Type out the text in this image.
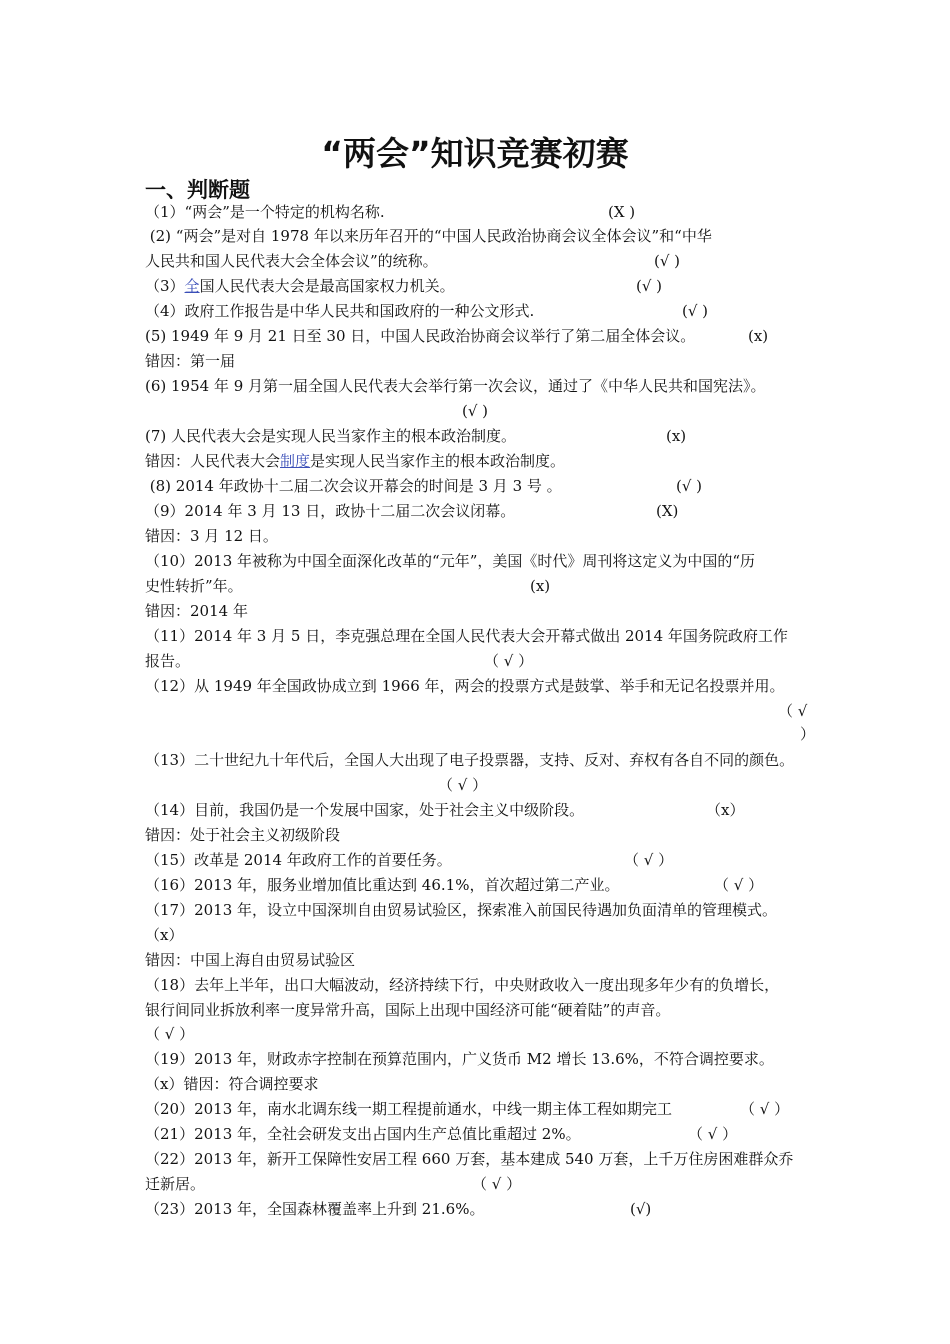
“两会”知识竞赛初赛
一、判断题
（1）“两会”是一个特定的机构名称.	(X )
(2) “两会”是对自 1978 年以来历年召开的“中国人民政治协商会议全体会议”和“中华
人民共和国人民代表大会全体会议”的统称。	(√ )
（3）全国人民代表大会是最高国家权力机关。	(√ )
（4）政府工作报告是中华人民共和国政府的一种公文形式.	(√ )
(5) 1949 年 9 月 21 日至 30 日，中国人民政治协商会议举行了第二届全体会议。	(x)
错因：第一届
(6) 1954 年 9 月第一届全国人民代表大会举行第一次会议，通过了《中华人民共和国宪法》。
(√ )
(7) 人民代表大会是实现人民当家作主的根本政治制度。	(x)
错因：人民代表大会制度是实现人民当家作主的根本政治制度。
(8) 2014 年政协十二届二次会议开幕会的时间是 3 月 3 号 。	(√ )
（9）2014 年 3 月 13 日，政协十二届二次会议闭幕。	(X)
错因：3 月 12 日。
（10）2013 年被称为中国全面深化改革的“元年”，美国《时代》周刊将这定义为中国的“历
史性转折”年。	(x)
错因：2014 年
（11）2014 年 3 月 5 日，李克强总理在全国人民代表大会开幕式做出 2014 年国务院政府工作
报告。	（ √ ）
（12）从 1949 年全国政协成立到 1966 年，两会的投票方式是鼓掌、举手和无记名投票并用。
（ √
）
（13）二十世纪九十年代后，全国人大出现了电子投票器，支持、反对、弃权有各自不同的颜色。
（ √ ）
（14）目前，我国仍是一个发展中国家，处于社会主义中级阶段。	（x）
错因：处于社会主义初级阶段
（15）改革是 2014 年政府工作的首要任务。	（ √ ）
（16）2013 年，服务业增加值比重达到 46.1%，首次超过第二产业。	（ √ ）
（17）2013 年，设立中国深圳自由贸易试验区，探索准入前国民待遇加负面清单的管理模式。
（x）
错因：中国上海自由贸易试验区
（18）去年上半年，出口大幅波动，经济持续下行，中央财政收入一度出现多年少有的负增长，
银行间同业拆放利率一度异常升高，国际上出现中国经济可能“硬着陆”的声音。
（ √ ）
（19）2013 年，财政赤字控制在预算范围内，广义货币 M2 增长 13.6%，不符合调控要求。
（x）错因：符合调控要求
（20）2013 年，南水北调东线一期工程提前通水，中线一期主体工程如期完工	（ √ ）
（21）2013 年，全社会研发支出占国内生产总值比重超过 2%。	（ √ ）
（22）2013 年，新开工保障性安居工程 660 万套，基本建成 540 万套，上千万住房困难群众乔
迁新居。	（ √ ）
（23）2013 年，全国森林覆盖率上升到 21.6%。	(√)
